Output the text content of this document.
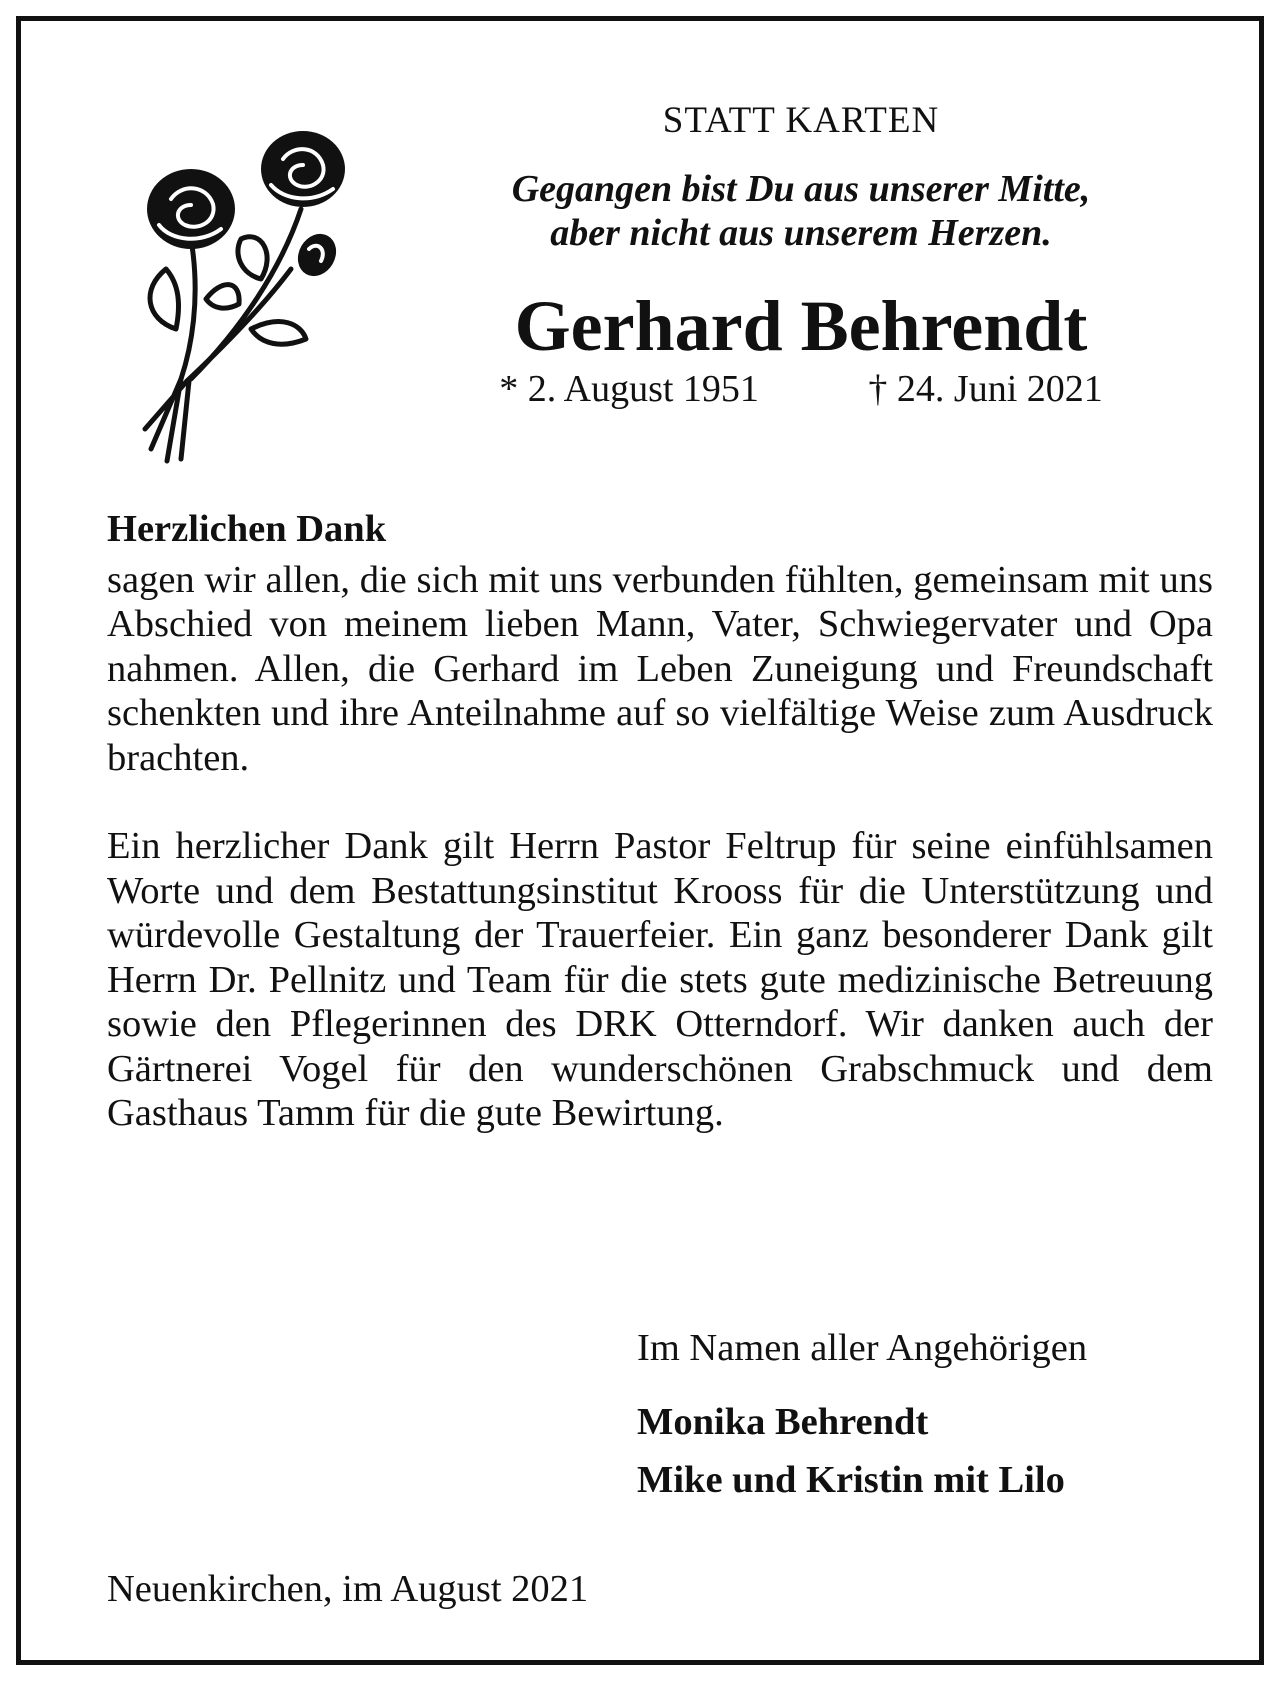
STATT KARTEN
Gegangen bist Du aus unserer Mitte,
aber nicht aus unserem Herzen.
Gerhard Behrendt
* 2. August 1951	† 24. Juni 2021
Herzlichen Dank

sagen wir allen, die sich mit uns verbunden fühlten, gemeinsam mit uns Abschied von meinem lieben Mann, Vater, Schwiegervater und Opa nahmen. Allen, die Gerhard im Leben Zuneigung und Freundschaft schenkten und ihre Anteilnahme auf so vielfältige Weise zum Ausdruck brachten.

Ein herzlicher Dank gilt Herrn Pastor Feltrup für seine einfühlsamen Worte und dem Bestattungsinstitut Krooss für die Unterstützung und würdevolle Gestaltung der Trauerfeier. Ein ganz besonderer Dank gilt Herrn Dr. Pellnitz und Team für die stets gute medizinische Betreuung sowie den Pflegerinnen des DRK Otterndorf. Wir danken auch der Gärtnerei Vogel für den wunderschönen Grabschmuck und dem Gasthaus Tamm für die gute Bewirtung.

Im Namen aller Angehörigen
Monika Behrendt
Mike und Kristin mit Lilo
Neuenkirchen, im August 2021
